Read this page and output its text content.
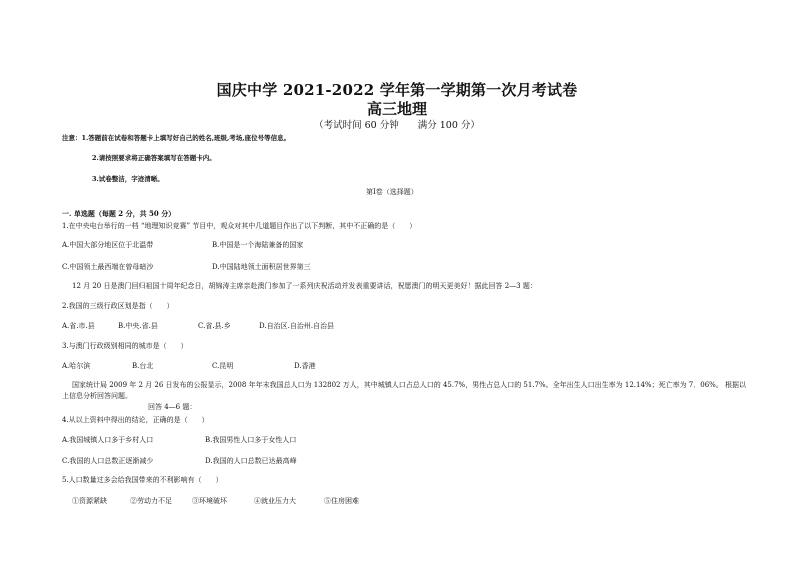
国庆中学 2021-2022 学年第一学期第一次月考试卷
高三地理
（考试时间 60 分钟　　满分 100 分）
注意：1.答题前在试卷和答题卡上填写好自己的姓名,班级,考场,座位号等信息。
2.请按照要求将正确答案填写在答题卡内。
3.试卷整洁，字迹清晰。
第Ⅰ卷（选择题）
一. 单选题（每题 2 分，共 50 分）
1.在中央电台举行的一档 “地理知识竞赛” 节目中，观众对其中几道题目作出了以下判断，其中不正确的是（　　）
A.中国大部分地区位于北温带	B.中国是一个海陆兼备的国家
C.中国领土最西端在曾母暗沙	D.中国陆地领土面积居世界第三
12 月 20 日是澳门回归祖国十周年纪念日，胡锦涛主席亲赴澳门参加了一系列庆祝活动并发表重要讲话，祝愿澳门的明天更美好！据此回答 2—3 题：
2.我国的三级行政区划是指（　　）
A.省.市.县	B.中央.省.县	C.省.县.乡	D.自治区.自治州.自治县
3.与澳门行政级别相同的城市是（　　）
A.哈尔滨	B.台北	C.昆明	D.香港
国家统计局 2009 年 2 月 26 日发布的公报显示，2008 年年末我国总人口为 132802 万人，其中城镇人口占总人口的 45.7%，男性占总人口的 51.7%。全年出生人口出生率为 12.14%；死亡率为 7．06%。 根据以
上信息分析回答问题。
回答 4—6 题：
4.从以上资料中得出的结论，正确的是（　　）
A.我国城镇人口多于乡村人口	B.我国男性人口多于女性人口
C.我国的人口总数正逐渐减少	D.我国的人口总数已达最高峰
5.人口数量过多会给我国带来的不利影响有（　　）
①资源紧缺	②劳动力不足	③环境破坏	④就业压力大	⑤住房困难
